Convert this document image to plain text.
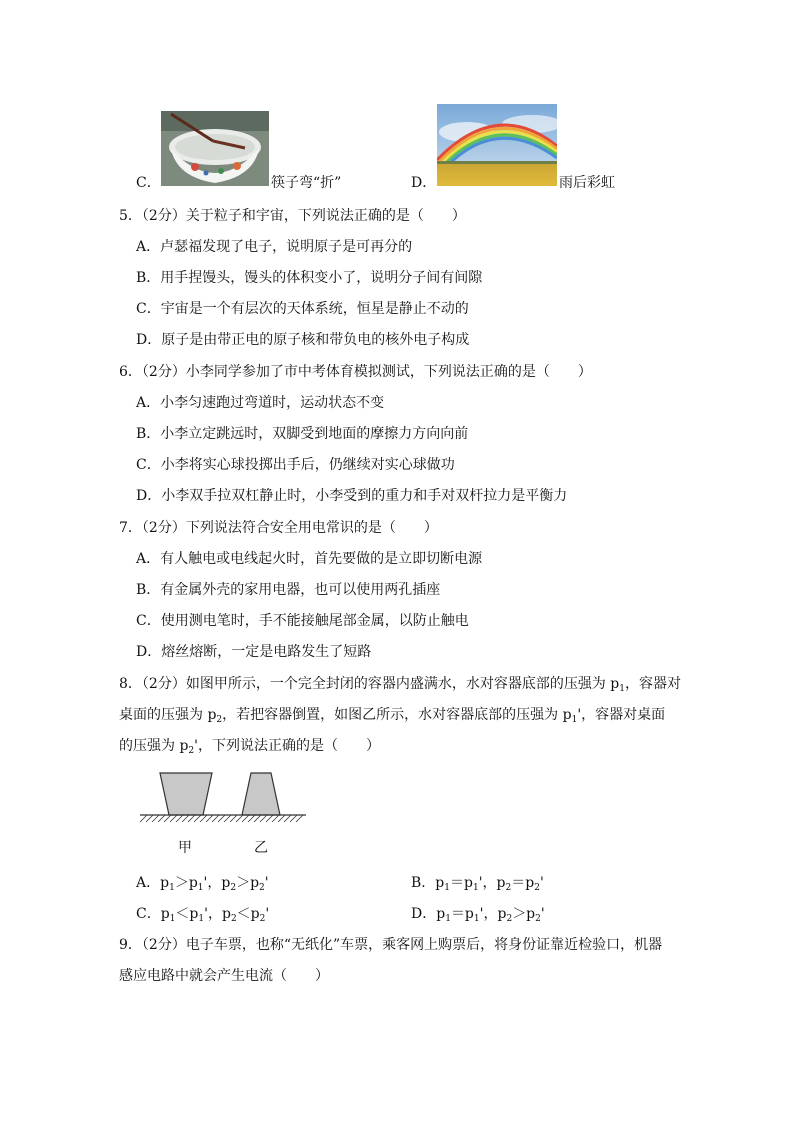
C．	筷子弯“折”	D．	雨后彩虹
5．（2分）关于粒子和宇宙，下列说法正确的是（　　）
A．卢瑟福发现了电子，说明原子是可再分的
B．用手捏馒头，馒头的体积变小了，说明分子间有间隙
C．宇宙是一个有层次的天体系统，恒星是静止不动的
D．原子是由带正电的原子核和带负电的核外电子构成
6．（2分）小李同学参加了市中考体育模拟测试，下列说法正确的是（　　）
A．小李匀速跑过弯道时，运动状态不变
B．小李立定跳远时，双脚受到地面的摩擦力方向向前
C．小李将实心球投掷出手后，仍继续对实心球做功
D．小李双手拉双杠静止时，小李受到的重力和手对双杆拉力是平衡力
7．（2分）下列说法符合安全用电常识的是（　　）
A．有人触电或电线起火时，首先要做的是立即切断电源
B．有金属外壳的家用电器，也可以使用两孔插座
C．使用测电笔时，手不能接触尾部金属，以防止触电
D．熔丝熔断，一定是电路发生了短路
8．（2分）如图甲所示，一个完全封闭的容器内盛满水，水对容器底部的压强为 $p_1$，容器对
桌面的压强为 $p_2$，若把容器倒置，如图乙所示，水对容器底部的压强为 $p_1'$，容器对桌面
的压强为 $p_2'$，下列说法正确的是（　　）
甲	乙
A．$p_1>p_1'$，$p_2>p_2'$	B．$p_1=p_1'$，$p_2=p_2'$
C．$p_1<p_1'$，$p_2<p_2'$	D．$p_1=p_1'$，$p_2>p_2'$
9．（2分）电子车票，也称“无纸化”车票，乘客网上购票后，将身份证靠近检验口，机器
感应电路中就会产生电流（　　）
